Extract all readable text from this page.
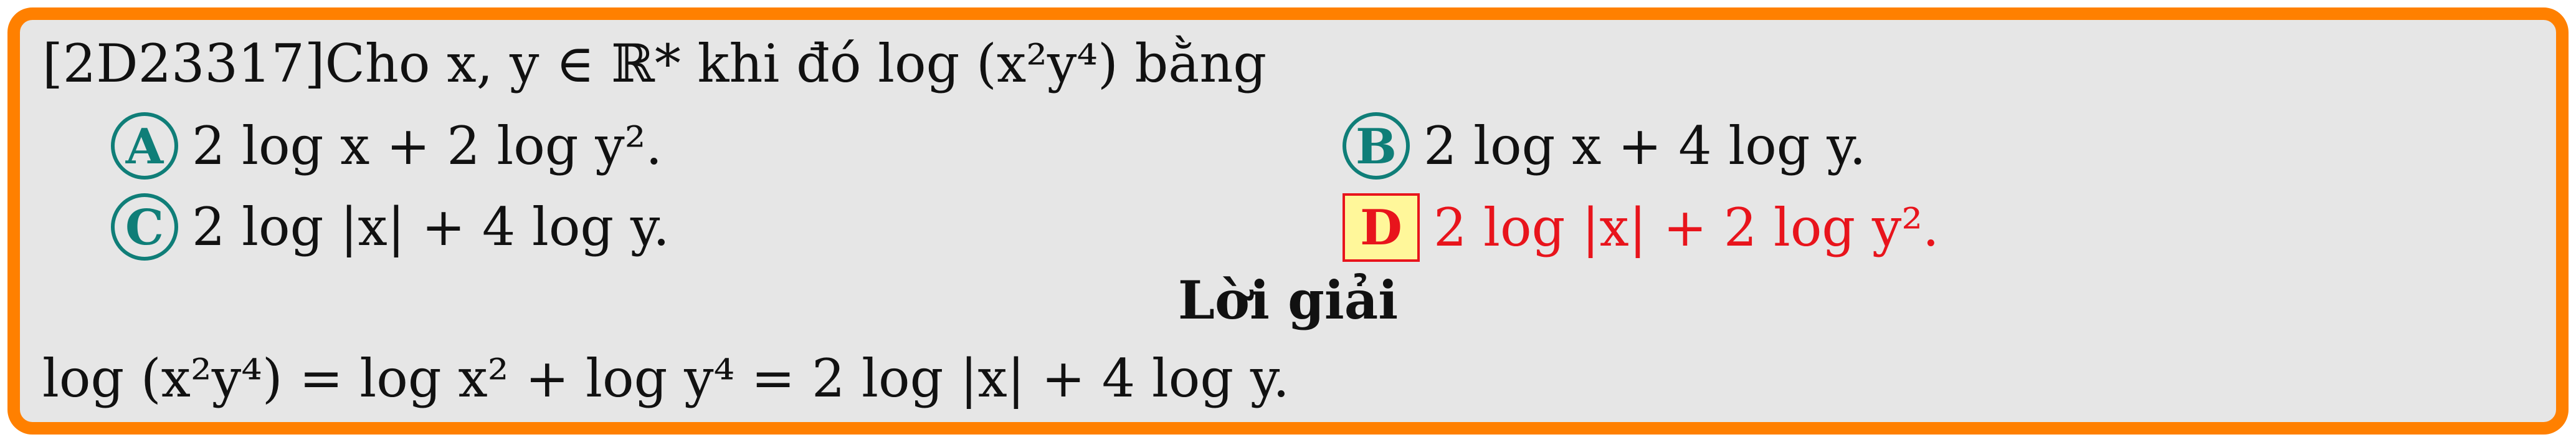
[2D23317]Cho x, y ∈ ℝ* khi đó log (x²y⁴) bằng
A 2 log x + 2 log y².	B 2 log x + 4 log y.
C 2 log |x| + 4 log y.	D 2 log |x| + 2 log y².
Lời giải
log (x²y⁴) = log x² + log y⁴ = 2 log |x| + 4 log y.
